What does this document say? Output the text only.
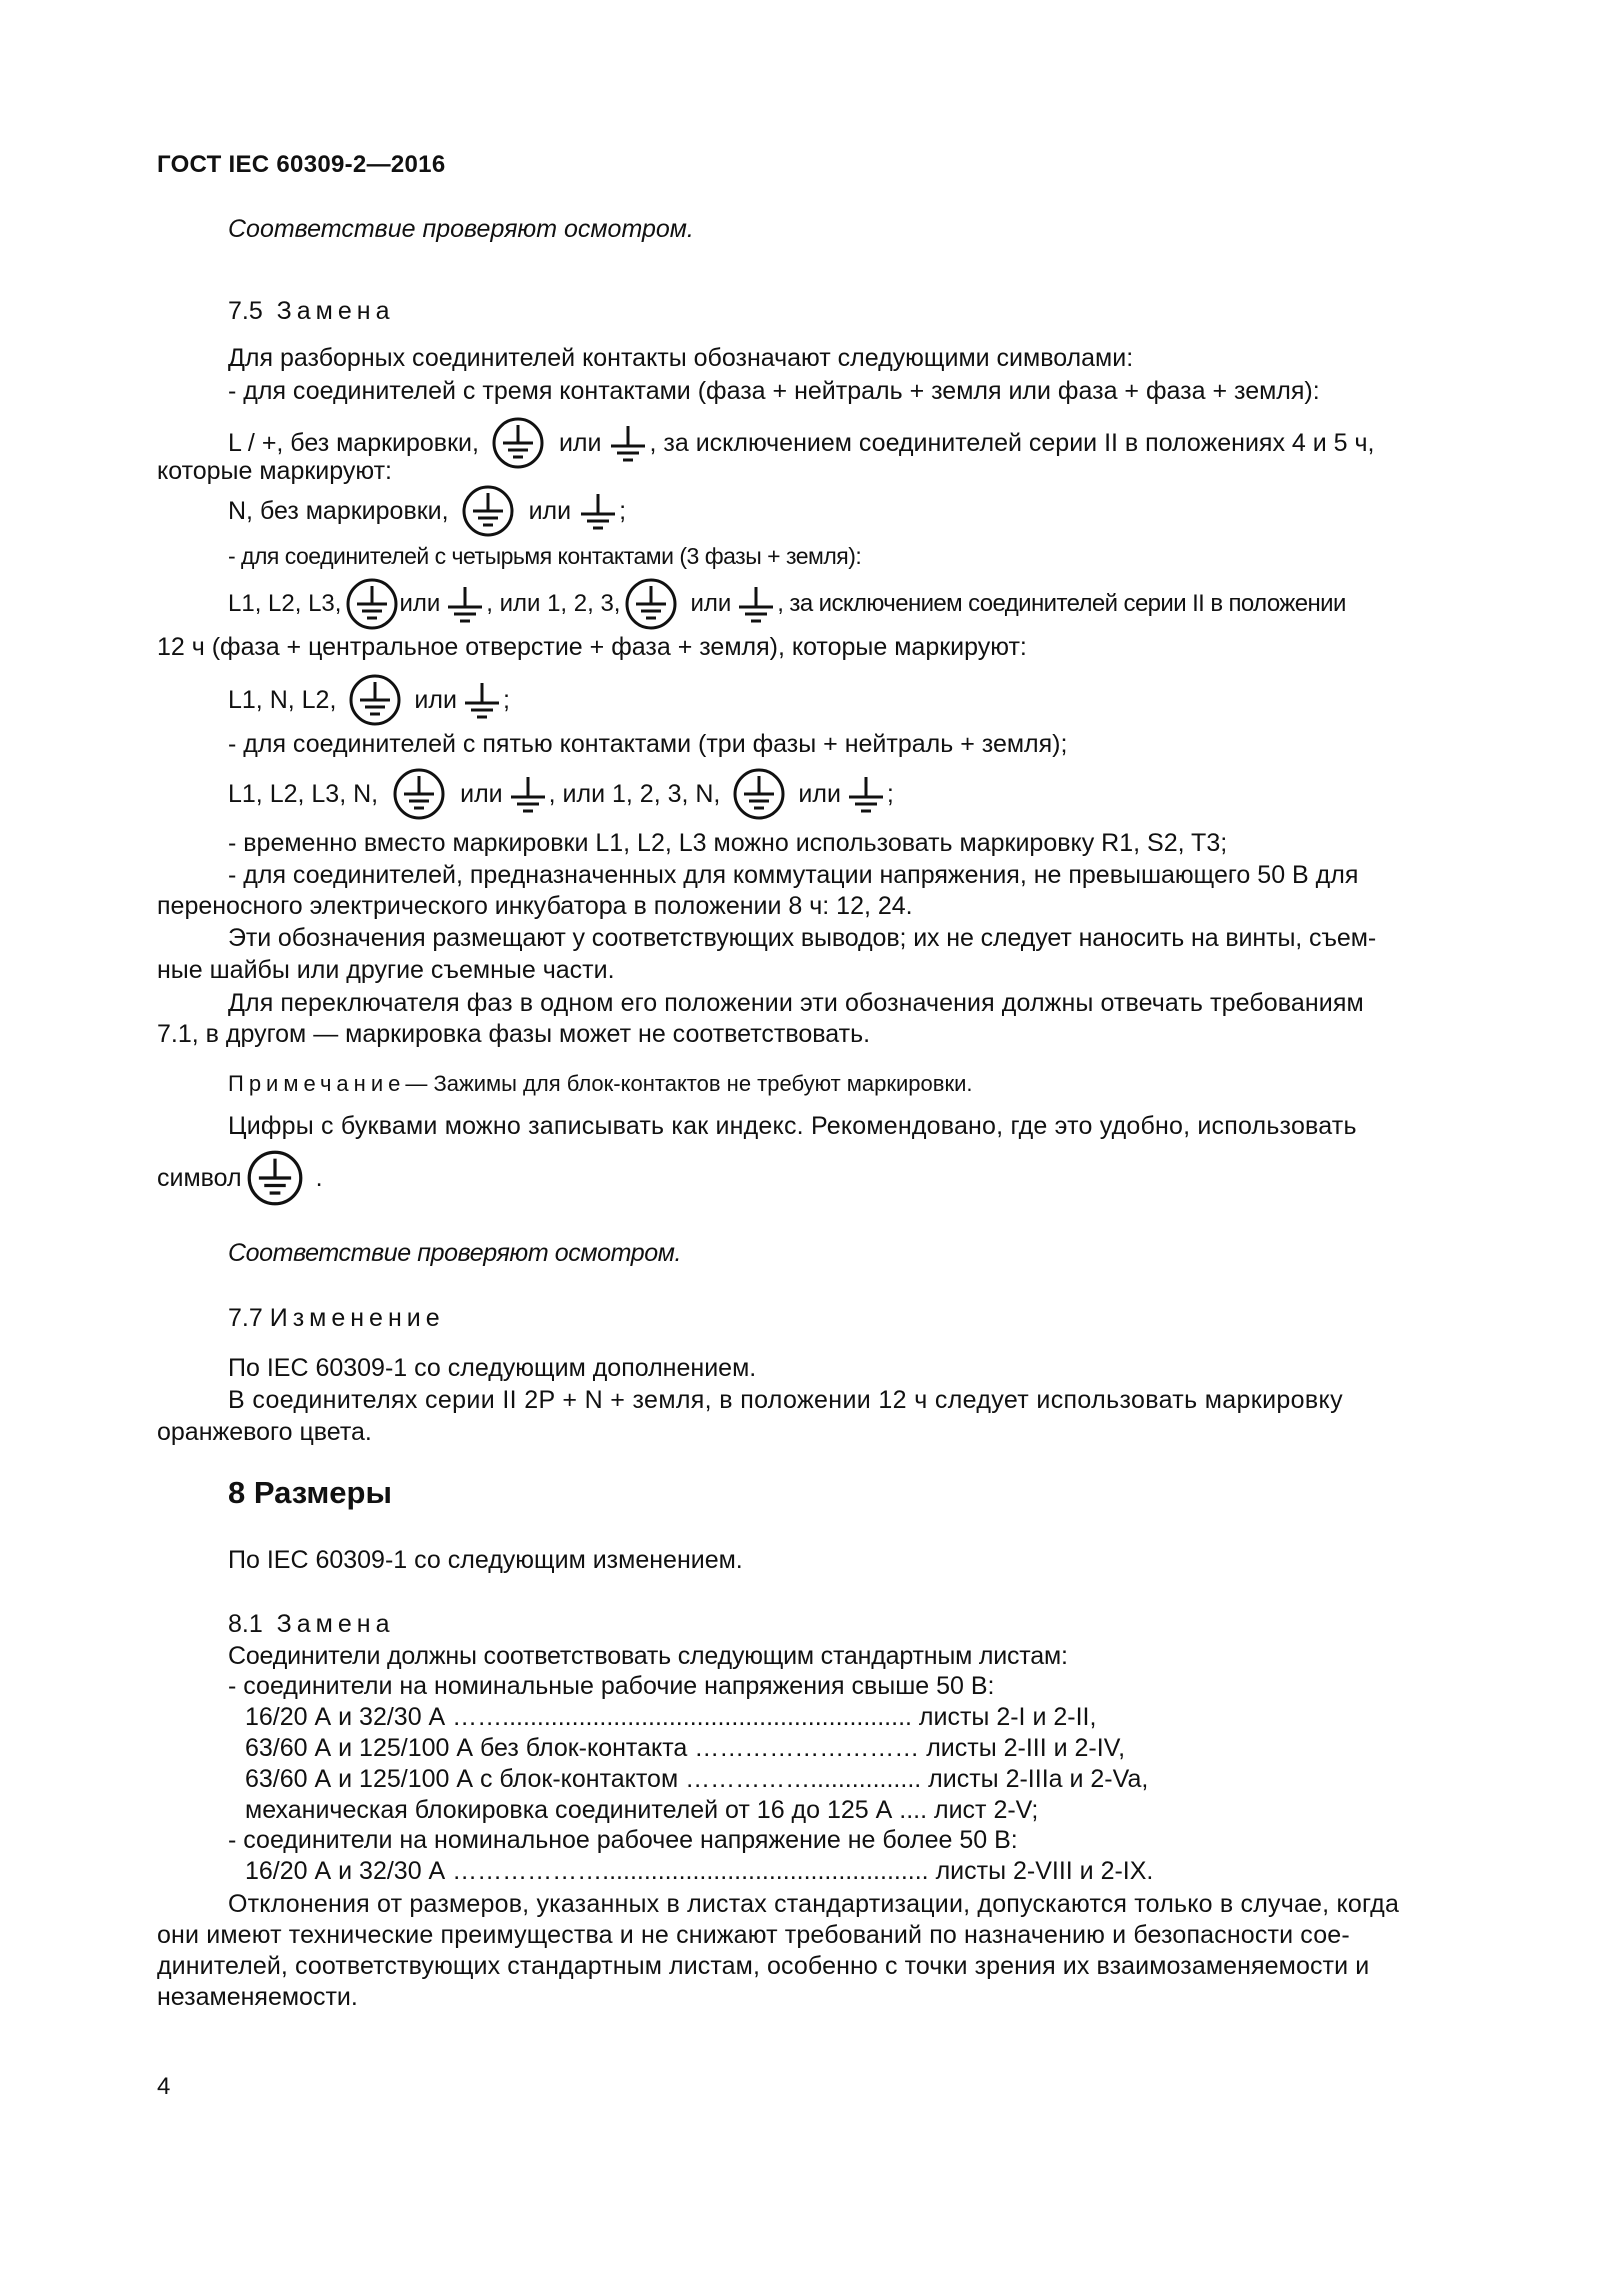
ГОСТ IEC 60309-2—2016
Соответствие проверяют осмотром.
7.5
Замена
Для разборных соединителей контакты обозначают следующими символами:
- для соединителей с тремя контактами (фаза + нейтраль + земля или фаза + фаза + земля):
L / +, без маркировки,	или , за исключением соединителей серии II в положениях 4 и 5 ч,
которые маркируют:
N, без маркировки,	или ;
- для соединителей с четырьмя контактами (3 фазы + земля):
L1, L2, L3, или , или 1, 2, 3,	или , за исключением соединителей серии II в положении
12 ч (фаза + центральное отверстие + фаза + земля), которые маркируют:
L1, N, L2,	или ;
- для соединителей с пятью контактами (три фазы + нейтраль + земля);
L1, L2, L3, N,	или , или 1, 2, 3, N,	или ;
- временно вместо маркировки L1, L2, L3 можно использовать маркировку R1, S2, T3;
- для соединителей, предназначенных для коммутации напряжения, не превышающего 50 В для
переносного электрического инкубатора в положении 8 ч: 12, 24.
Эти обозначения размещают у соответствующих выводов; их не следует наносить на винты, съем-
ные шайбы или другие съемные части.
Для переключателя фаз в одном его положении эти обозначения должны отвечать требованиям
7.1, в другом — маркировка фазы может не соответствовать.
Примечание — Зажимы для блок-контактов не требуют маркировки.
Цифры с буквами можно записывать как индекс. Рекомендовано, где это удобно, использовать
символ	.
Соответствие проверяют осмотром.
7.7
Изменение
По IEC 60309-1 со следующим дополнением.
В соединителях серии II 2P + N + земля, в положении 12 ч следует использовать маркировку
оранжевого цвета.
8 Размеры
По IEC 60309-1 со следующим изменением.
8.1
Замена
Соединители должны соответствовать следующим стандартным листам:
- соединители на номинальные рабочие напряжения свыше 50 В:
16/20 А и 32/30 А ……........................................................... листы 2-I и 2-II,
63/60 А и 125/100 А без блок-контакта ……………………… листы 2-III и 2-IV,
63/60 А и 125/100 А с блок-контактом ……………................ листы 2-IIIa и 2-Va,
механическая блокировка соединителей от 16 до 125 А .... лист 2-V;
- соединители на номинальное рабочее напряжение не более 50 В:
16/20 А и 32/30 А ………………............................................... листы 2-VIII и 2-IX.
Отклонения от размеров, указанных в листах стандартизации, допускаются только в случае, когда
они имеют технические преимущества и не снижают требований по назначению и безопасности сое-
динителей, соответствующих стандартным листам, особенно с точки зрения их взаимозаменяемости и
незаменяемости.
4
